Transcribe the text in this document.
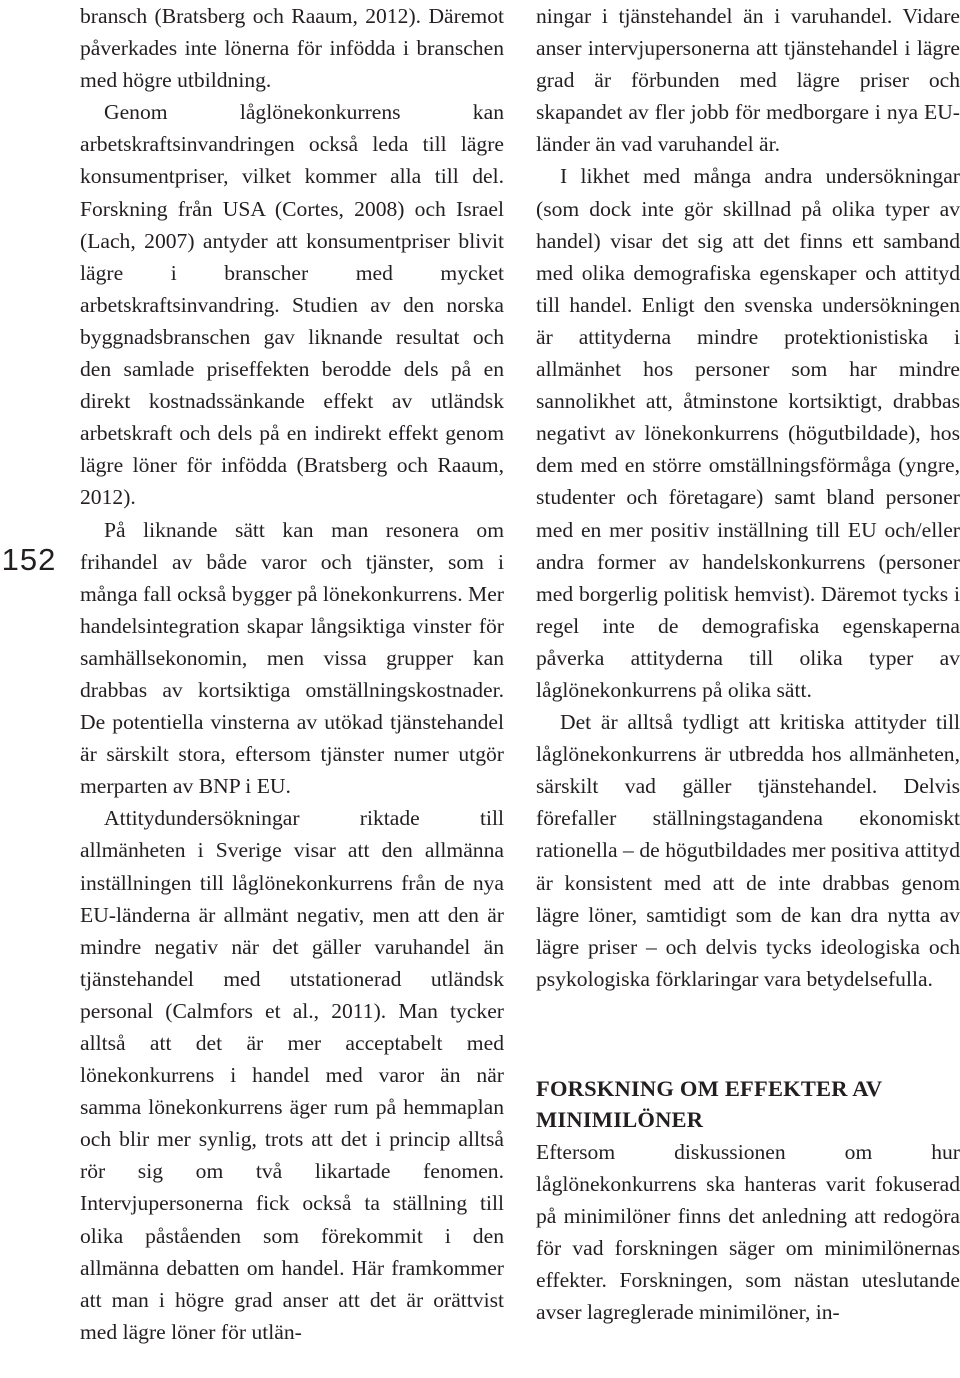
152

bransch (Bratsberg och Raaum, 2012). Däremot påverkades inte lönerna för infödda i branschen med högre utbildning.

Genom låglönekonkurrens kan arbetskraftsinvandringen också leda till lägre konsumentpriser, vilket kommer alla till del. Forskning från USA (Cortes, 2008) och Israel (Lach, 2007) antyder att konsumentpriser blivit lägre i branscher med mycket arbetskraftsinvandring. Studien av den norska byggnadsbranschen gav liknande resultat och den samlade priseffekten berodde dels på en direkt kostnadssänkande effekt av utländsk arbetskraft och dels på en indirekt effekt genom lägre löner för infödda (Bratsberg och Raaum, 2012).

På liknande sätt kan man resonera om frihandel av både varor och tjänster, som i många fall också bygger på lönekonkurrens. Mer handelsintegration skapar långsiktiga vinster för samhällsekonomin, men vissa grupper kan drabbas av kortsiktiga omställningskostnader. De potentiella vinsterna av utökad tjänstehandel är särskilt stora, eftersom tjänster numer utgör merparten av BNP i EU.

Attitydundersökningar riktade till allmänheten i Sverige visar att den allmänna inställningen till låglönekonkurrens från de nya EU-länderna är allmänt negativ, men att den är mindre negativ när det gäller varuhandel än tjänstehandel med utstationerad utländsk personal (Calmfors et al., 2011). Man tycker alltså att det är mer acceptabelt med lönekonkurrens i handel med varor än när samma lönekonkurrens äger rum på hemmaplan och blir mer synlig, trots att det i princip alltså rör sig om två likartade fenomen. Intervjupersonerna fick också ta ställning till olika påståenden som förekommit i den allmänna debatten om handel. Här framkommer att man i högre grad anser att det är orättvist med lägre löner för utlän-

ningar i tjänstehandel än i varuhandel. Vidare anser intervjupersonerna att tjänstehandel i lägre grad är förbunden med lägre priser och skapandet av fler jobb för medborgare i nya EU-länder än vad varuhandel är.

I likhet med många andra undersökningar (som dock inte gör skillnad på olika typer av handel) visar det sig att det finns ett samband med olika demografiska egenskaper och attityd till handel. Enligt den svenska undersökningen är attityderna mindre protektionistiska i allmänhet hos personer som har mindre sannolikhet att, åtminstone kortsiktigt, drabbas negativt av lönekonkurrens (högutbildade), hos dem med en större omställningsförmåga (yngre, studenter och företagare) samt bland personer med en mer positiv inställning till EU och/eller andra former av handelskonkurrens (personer med borgerlig politisk hemvist). Däremot tycks i regel inte de demografiska egenskaperna påverka attityderna till olika typer av låglönekonkurrens på olika sätt.

Det är alltså tydligt att kritiska attityder till låglönekonkurrens är utbredda hos allmänheten, särskilt vad gäller tjänstehandel. Delvis förefaller ställningstagandena ekonomiskt rationella – de högutbildades mer positiva attityd är konsistent med att de inte drabbas genom lägre löner, samtidigt som de kan dra nytta av lägre priser – och delvis tycks ideologiska och psykologiska förklaringar vara betydelsefulla.

FORSKNING OM EFFEKTER AV MINIMILÖNER

Eftersom diskussionen om hur låglönekonkurrens ska hanteras varit fokuserad på minimilöner finns det anledning att redogöra för vad forskningen säger om minimilönernas effekter. Forskningen, som nästan uteslutande avser lagreglerade minimilöner, in-
